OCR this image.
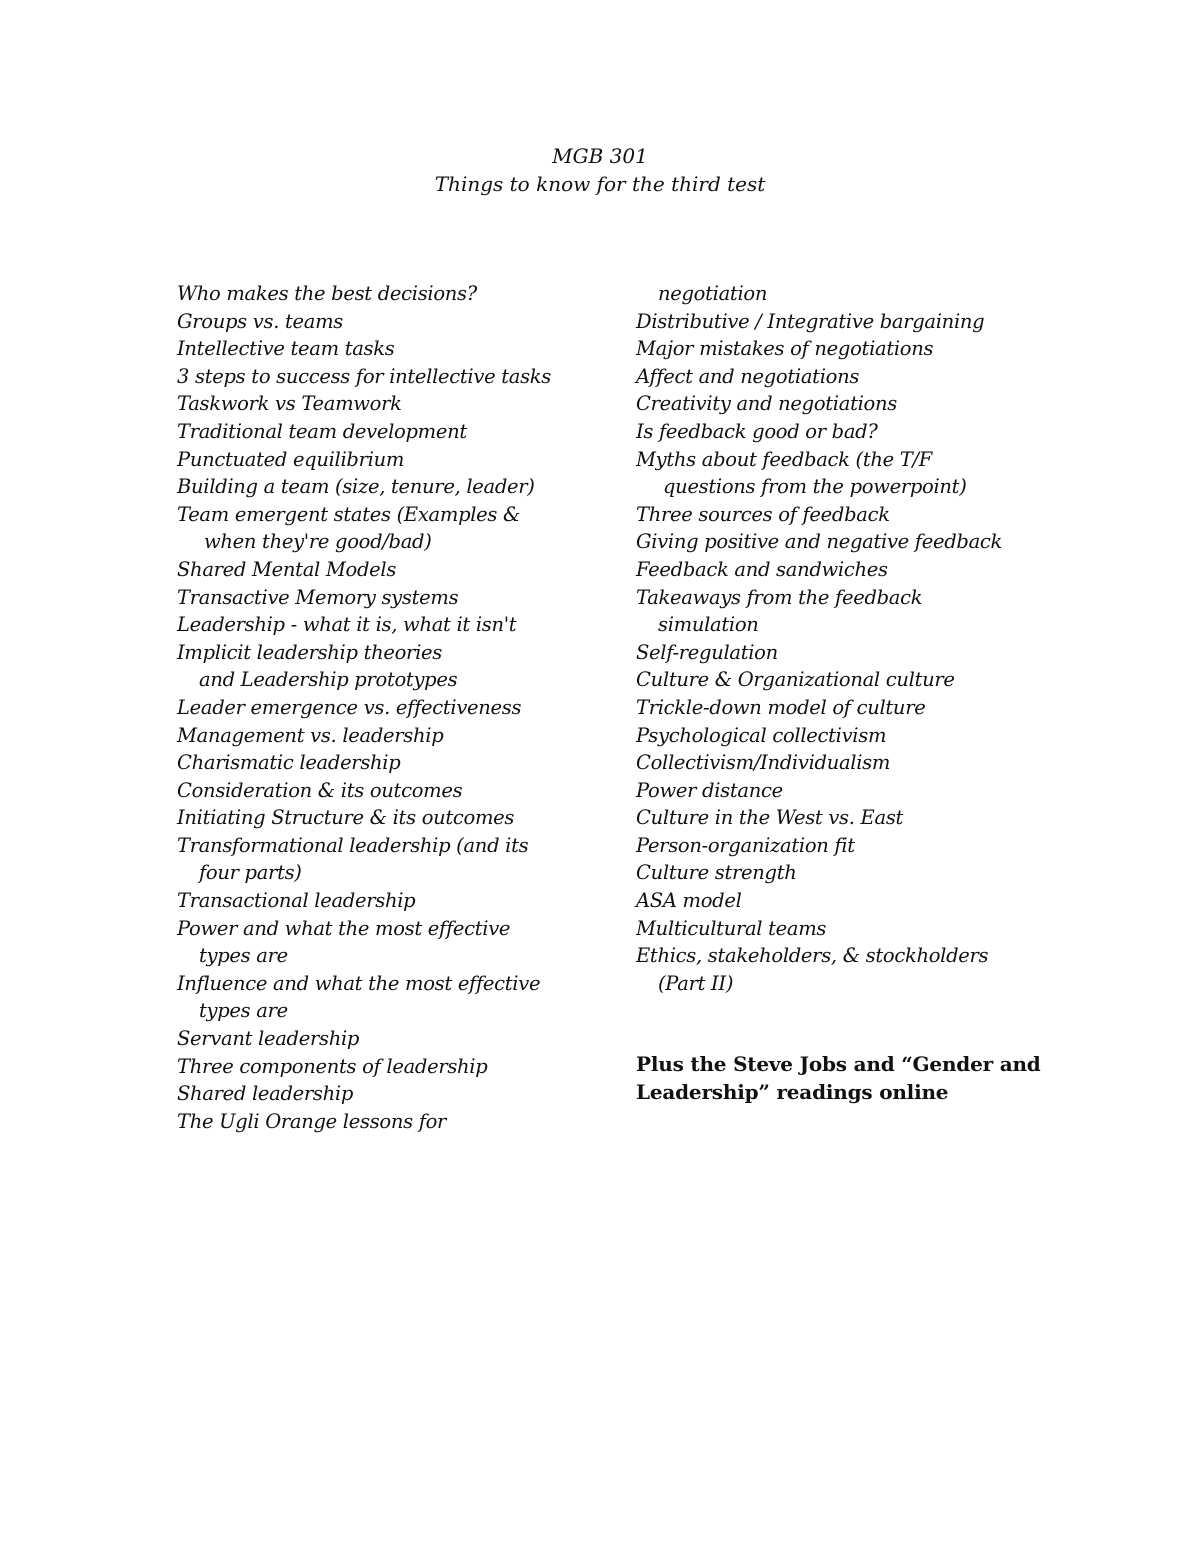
MGB 301
Things to know for the third test
Who makes the best decisions?
Groups vs. teams
Intellective team tasks
3 steps to success for intellective tasks
Taskwork vs Teamwork
Traditional team development
Punctuated equilibrium
Building a team (size, tenure, leader)
Team emergent states (Examples &
when they're good/bad)
Shared Mental Models
Transactive Memory systems
Leadership - what it is, what it isn't
Implicit leadership theories
and Leadership prototypes
Leader emergence vs. effectiveness
Management vs. leadership
Charismatic leadership
Consideration & its outcomes
Initiating Structure & its outcomes
Transformational leadership (and its
four parts)
Transactional leadership
Power and what the most effective
types are
Influence and what the most effective
types are
Servant leadership
Three components of leadership
Shared leadership
The Ugli Orange lessons for
negotiation
Distributive / Integrative bargaining
Major mistakes of negotiations
Affect and negotiations
Creativity and negotiations
Is feedback good or bad?
Myths about feedback (the T/F
questions from the powerpoint)
Three sources of feedback
Giving positive and negative feedback
Feedback and sandwiches
Takeaways from the feedback
simulation
Self-regulation
Culture & Organizational culture
Trickle-down model of culture
Psychological collectivism
Collectivism/Individualism
Power distance
Culture in the West vs. East
Person-organization fit
Culture strength
ASA model
Multicultural teams
Ethics, stakeholders, & stockholders
(Part II)
Plus the Steve Jobs and “Gender and
Leadership” readings online
